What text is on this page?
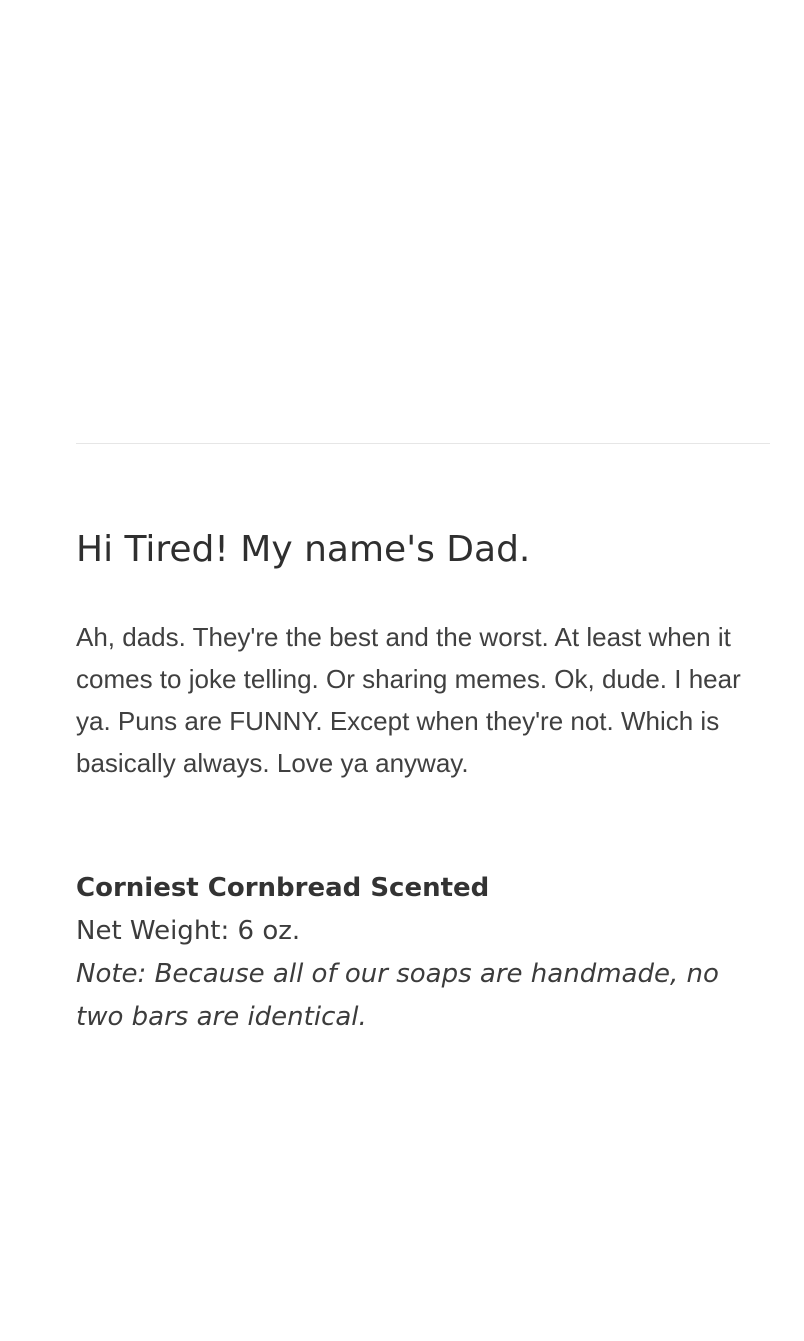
Hi Tired! My name's Dad.

Ah, dads. They're the best and the worst. At least when it comes to joke telling. Or sharing memes. Ok, dude. I hear ya. Puns are FUNNY. Except when they're not. Which is basically always. Love ya anyway.

Corniest Cornbread Scented
Net Weight: 6 oz.
Note: Because all of our soaps are handmade, no two bars are identical.
